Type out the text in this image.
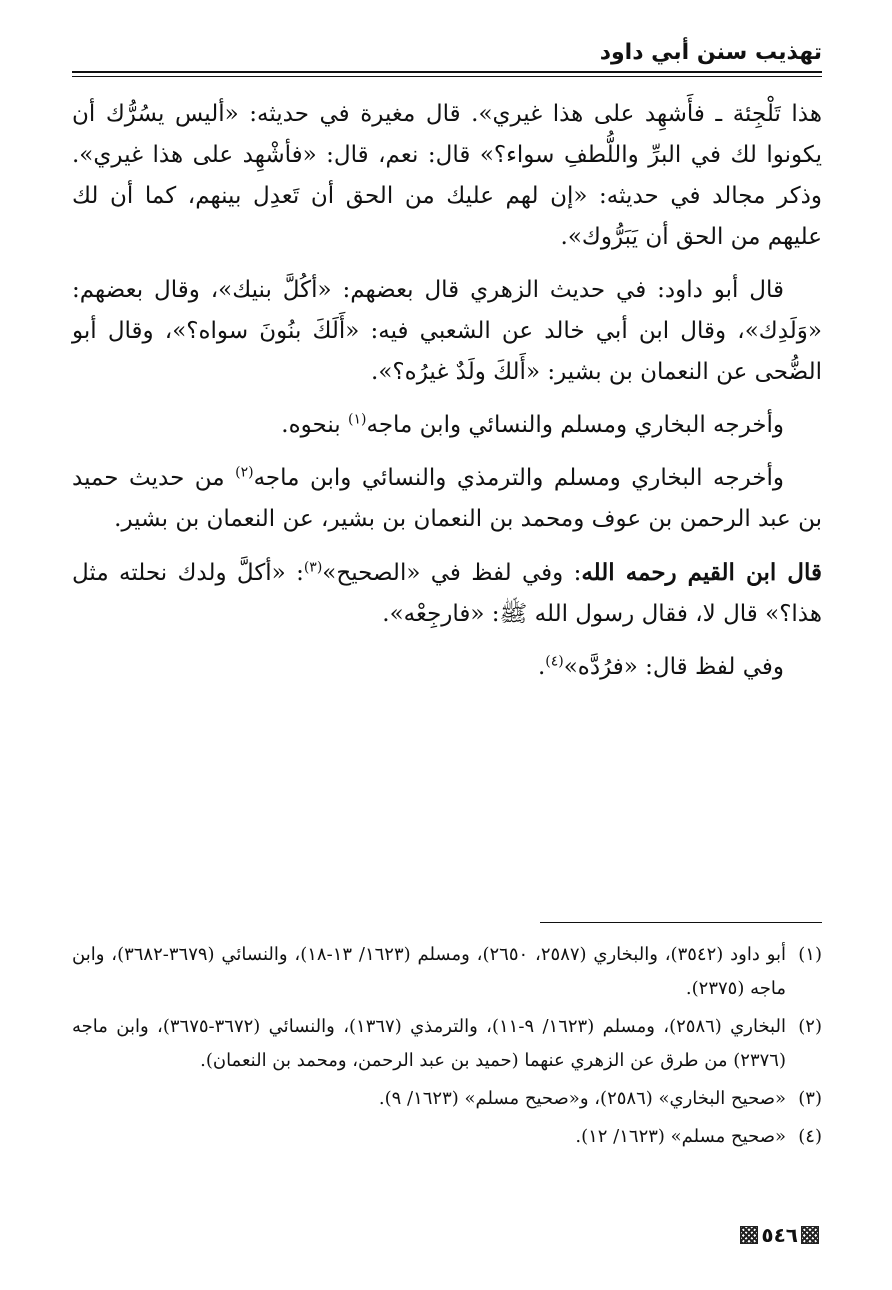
تهذيب سنن أبي داود

هذا تَلْجِئة ـ فأَشهِد على هذا غيري». قال مغيرة في حديثه: «أليس يسُرُّك أن يكونوا لك في البرِّ واللُّطفِ سواء؟» قال: نعم، قال: «فأشْهِد على هذا غيري». وذكر مجالد في حديثه: «إن لهم عليك من الحق أن تَعدِل بينهم، كما أن لك عليهم من الحق أن يَبَرُّوك».

قال أبو داود: في حديث الزهري قال بعضهم: «أكُلَّ بنيك»، وقال بعضهم: «وَلَدِك»، وقال ابن أبي خالد عن الشعبي فيه: «أَلَكَ بنُونَ سواه؟»، وقال أبو الضُّحى عن النعمان بن بشير: «أَلكَ ولَدٌ غيرُه؟».

وأخرجه البخاري ومسلم والنسائي وابن ماجه$^{(١)}$ بنحوه.

وأخرجه البخاري ومسلم والترمذي والنسائي وابن ماجه$^{(٢)}$ من حديث حميد بن عبد الرحمن بن عوف ومحمد بن النعمان بن بشير، عن النعمان بن بشير.

قال ابن القيم رحمه الله: وفي لفظ في «الصحيح»$^{(٣)}$: «أكلَّ ولدك نحلته مثل هذا؟» قال لا، فقال رسول الله ﷺ: «فارجِعْه».

وفي لفظ قال: «فرُدَّه»$^{(٤)}$.

(١)
أبو داود (٣٥٤٢)، والبخاري (٢٥٨٧، ٢٦٥٠)، ومسلم (١٦٢٣/ ١٣-١٨)، والنسائي (٣٦٧٩-٣٦٨٢)، وابن ماجه (٢٣٧٥).
(٢)
البخاري (٢٥٨٦)، ومسلم (١٦٢٣/ ٩-١١)، والترمذي (١٣٦٧)، والنسائي (٣٦٧٢-٣٦٧٥)، وابن ماجه (٢٣٧٦) من طرق عن الزهري عنهما (حميد بن عبد الرحمن، ومحمد بن النعمان).
(٣)
«صحيح البخاري» (٢٥٨٦)، و«صحيح مسلم» (١٦٢٣/ ٩).
(٤)
«صحيح مسلم» (١٦٢٣/ ١٢).
٥٤٦
